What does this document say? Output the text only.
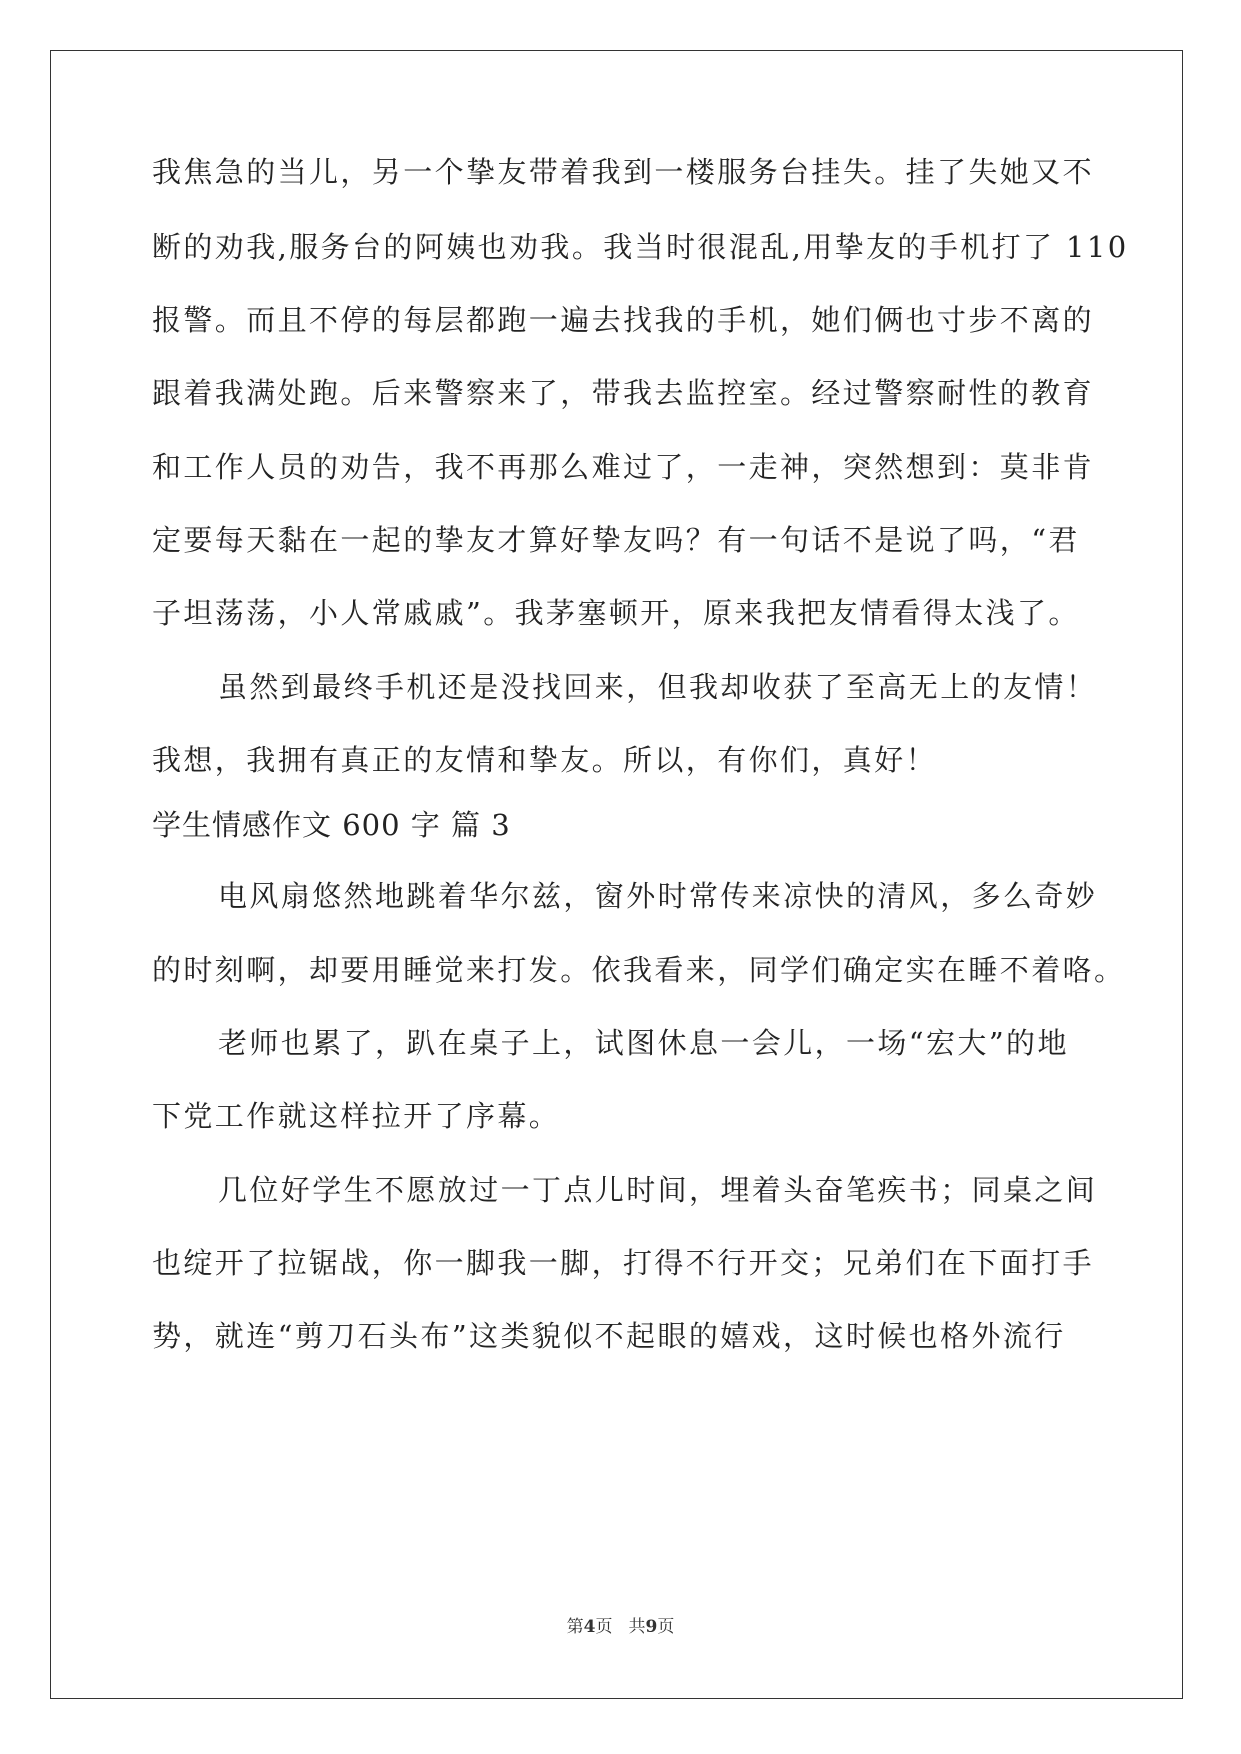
我焦急的当儿，另一个挚友带着我到一楼服务台挂失。挂了失她又不
断的劝我,服务台的阿姨也劝我。我当时很混乱,用挚友的手机打了 110
报警。而且不停的每层都跑一遍去找我的手机，她们俩也寸步不离的
跟着我满处跑。后来警察来了，带我去监控室。经过警察耐性的教育
和工作人员的劝告，我不再那么难过了，一走神，突然想到：莫非肯
定要每天黏在一起的挚友才算好挚友吗？有一句话不是说了吗，“君
子坦荡荡，小人常戚戚”。我茅塞顿开，原来我把友情看得太浅了。
虽然到最终手机还是没找回来，但我却收获了至高无上的友情！
我想，我拥有真正的友情和挚友。所以，有你们，真好！
学生情感作文 600 字 篇 3
电风扇悠然地跳着华尔兹，窗外时常传来凉快的清风，多么奇妙
的时刻啊，却要用睡觉来打发。依我看来，同学们确定实在睡不着咯。
老师也累了，趴在桌子上，试图休息一会儿，一场“宏大”的地
下党工作就这样拉开了序幕。
几位好学生不愿放过一丁点儿时间，埋着头奋笔疾书；同桌之间
也绽开了拉锯战，你一脚我一脚，打得不行开交；兄弟们在下面打手
势，就连“剪刀石头布”这类貌似不起眼的嬉戏，这时候也格外流行
第4页 共9页
